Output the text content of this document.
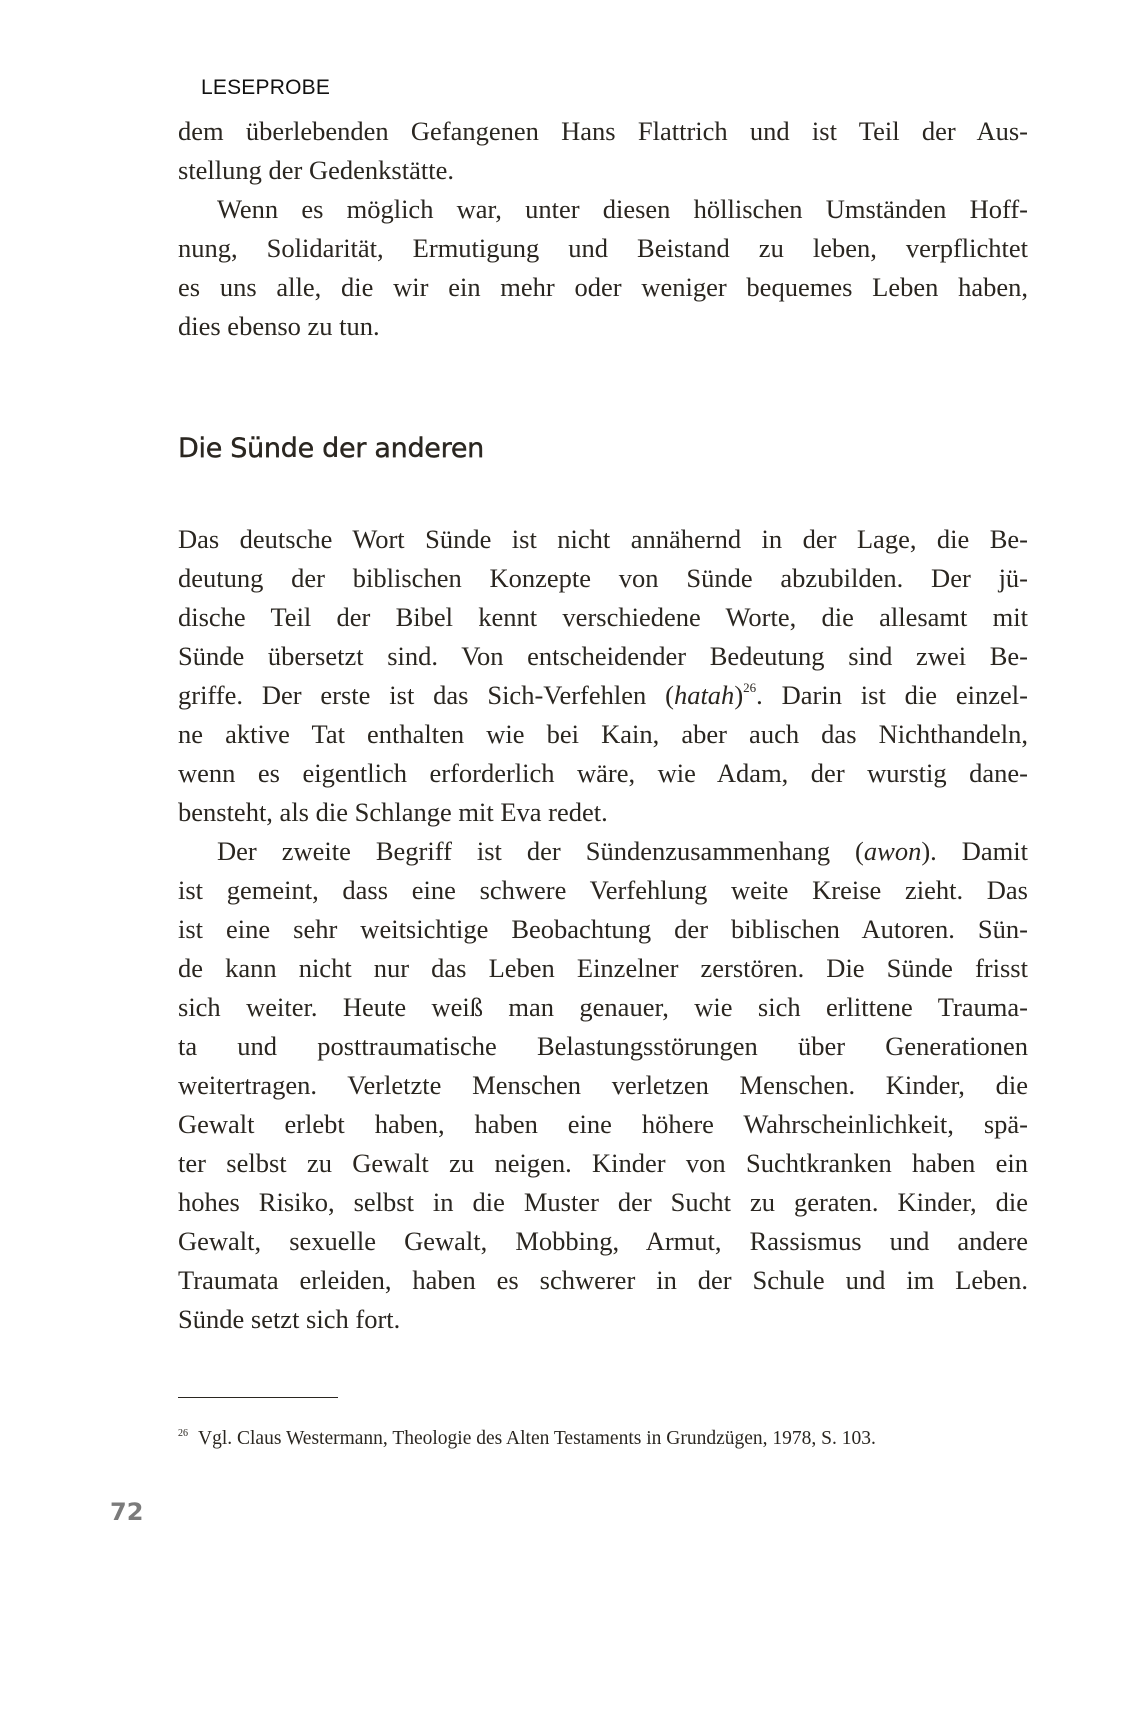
LESEPROBE
dem überlebenden Gefangenen Hans Flattrich und ist Teil der Aus-
stellung der Gedenkstätte.
Wenn es möglich war, unter diesen höllischen Umständen Hoff-
nung, Solidarität, Ermutigung und Beistand zu leben, verpflichtet
es uns alle, die wir ein mehr oder weniger bequemes Leben haben,
dies ebenso zu tun.
Die Sünde der anderen
Das deutsche Wort Sünde ist nicht annähernd in der Lage, die Be-
deutung der biblischen Konzepte von Sünde abzubilden. Der jü-
dische Teil der Bibel kennt verschiedene Worte, die allesamt mit
Sünde übersetzt sind. Von entscheidender Bedeutung sind zwei Be-
griffe. Der erste ist das Sich-Verfehlen (hatah)$^{26}$. Darin ist die einzel-
ne aktive Tat enthalten wie bei Kain, aber auch das Nichthandeln,
wenn es eigentlich erforderlich wäre, wie Adam, der wurstig dane-
bensteht, als die Schlange mit Eva redet.
Der zweite Begriff ist der Sündenzusammenhang (awon). Damit
ist gemeint, dass eine schwere Verfehlung weite Kreise zieht. Das
ist eine sehr weitsichtige Beobachtung der biblischen Autoren. Sün-
de kann nicht nur das Leben Einzelner zerstören. Die Sünde frisst
sich weiter. Heute weiß man genauer, wie sich erlittene Trauma-
ta und posttraumatische Belastungsstörungen über Generationen
weitertragen. Verletzte Menschen verletzen Menschen. Kinder, die
Gewalt erlebt haben, haben eine höhere Wahrscheinlichkeit, spä-
ter selbst zu Gewalt zu neigen. Kinder von Suchtkranken haben ein
hohes Risiko, selbst in die Muster der Sucht zu geraten. Kinder, die
Gewalt, sexuelle Gewalt, Mobbing, Armut, Rassismus und andere
Traumata erleiden, haben es schwerer in der Schule und im Leben.
Sünde setzt sich fort.
$^{26}$ Vgl. Claus Westermann, Theologie des Alten Testaments in Grundzügen, 1978, S. 103.
72
